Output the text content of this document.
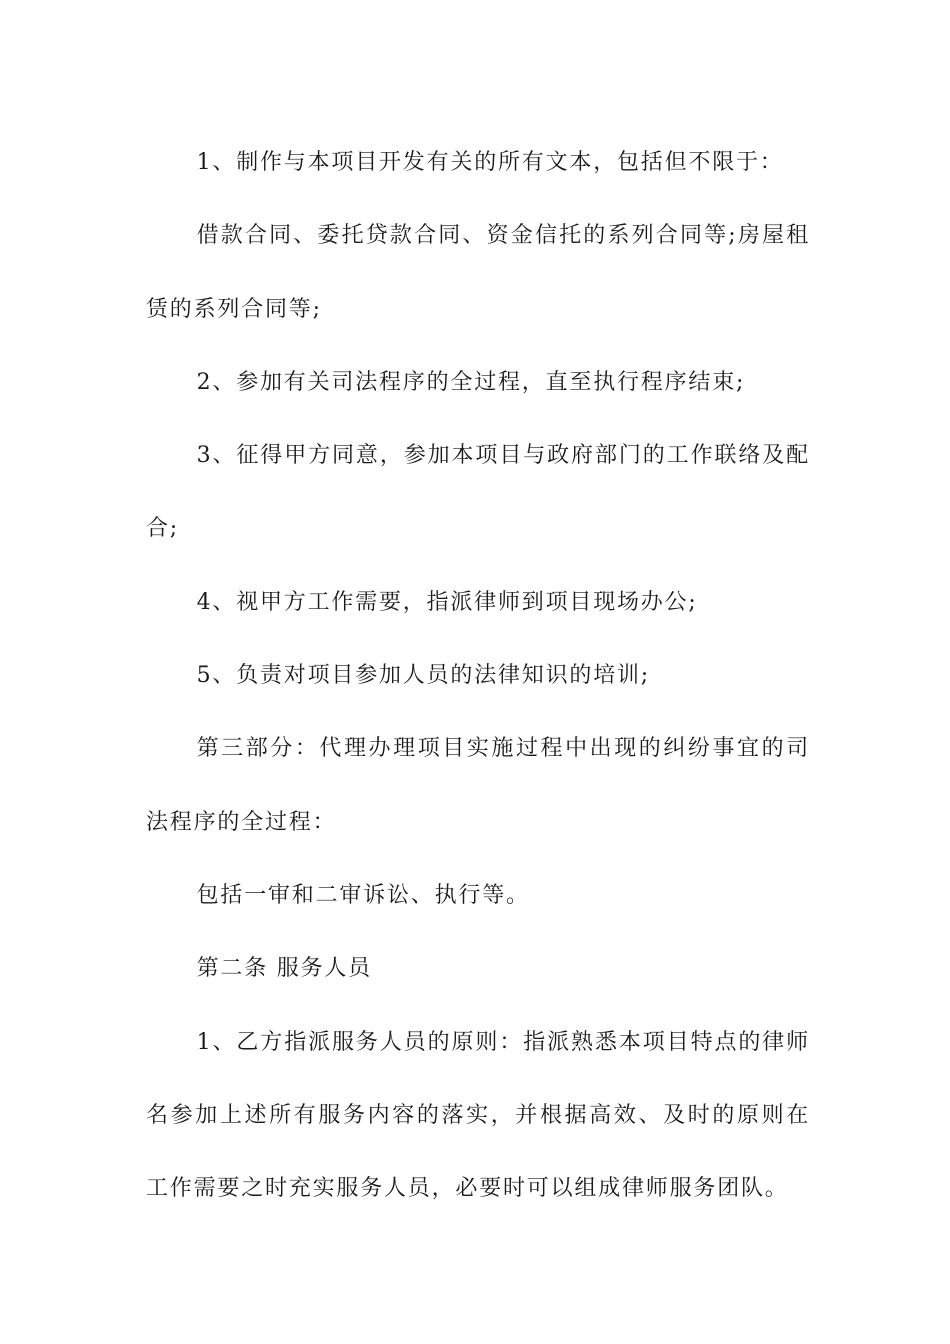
1、制作与本项目开发有关的所有文本，包括但不限于：

借款合同、委托贷款合同、资金信托的系列合同等;房屋租赁的系列合同等;

2、参加有关司法程序的全过程，直至执行程序结束;

3、征得甲方同意，参加本项目与政府部门的工作联络及配合;

4、视甲方工作需要，指派律师到项目现场办公;

5、负责对项目参加人员的法律知识的培训;

第三部分：代理办理项目实施过程中出现的纠纷事宜的司法程序的全过程：

包括一审和二审诉讼、执行等。

第二条 服务人员

1、乙方指派服务人员的原则：指派熟悉本项目特点的律师名参加上述所有服务内容的落实，并根据高效、及时的原则在工作需要之时充实服务人员，必要时可以组成律师服务团队。
